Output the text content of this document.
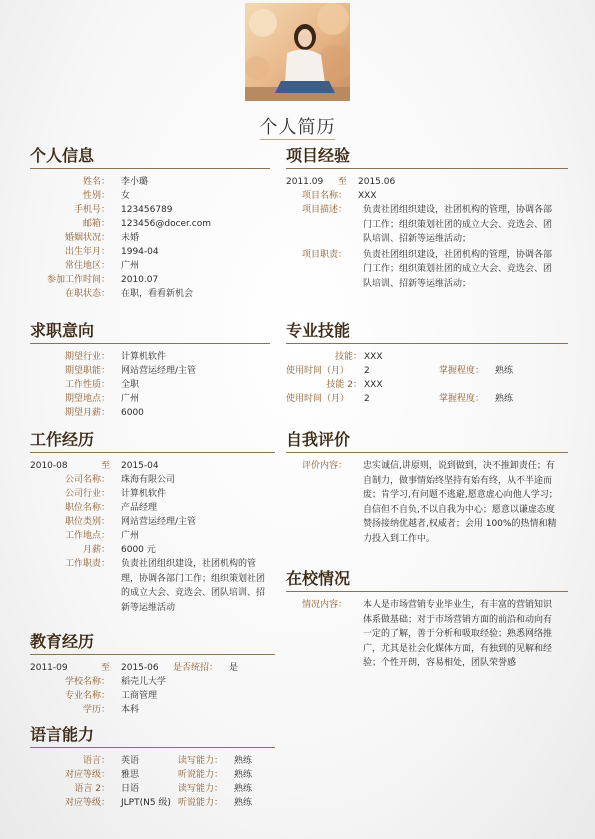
个人简历
个人信息
姓名：	李小璐
性别：	女
手机号：	123456789
邮箱：	123456@docer.com
婚姻状况：	未婚
出生年月：	1994-04
常住地区：	广州
参加工作时间：	2010.07
在职状态：	在职，看看新机会
求职意向
期望行业：	计算机软件
期望职能：	网站营运经理/主管
工作性质：	全职
期望地点：	广州
期望月薪：	6000
工作经历
2010-08	至	2015-04
公司名称：	珠海有限公司
公司行业：	计算机软件
职位名称：	产品经理
职位类别：	网站营运经理/主管
工作地点：	广州
月薪：	6000 元
工作职责：	负责社团组织建设，社团机构的管理，协调各部门工作；组织策划社团的成立大会、竞选会、团队培训、招新等运维活动
教育经历
2011-09	至	2015-06	是否统招：	是
学校名称：	稻壳儿大学
专业名称：	工商管理
学历：	本科
语言能力
语言：	英语	读写能力：	熟练
对应等级：	雅思	听说能力：	熟练
语言 2：	日语	读写能力：	熟练
对应等级：	JLPT(N5 级) 听说能力：	熟练
项目经验
2011.09	至	2015.06
项目名称：	XXX
项目描述：	负责社团组织建设，社团机构的管理，协调各部门工作；组织策划社团的成立大会、竞选会、团队培训、招新等运维活动；
项目职责：	负责社团组织建设，社团机构的管理，协调各部门工作；组织策划社团的成立大会、竞选会、团队培训、招新等运维活动；
专业技能
技能： XXX
使用时间（月）	2	掌握程度：	熟练
技能 2： XXX
使用时间（月）	2	掌握程度：	熟练
自我评价
评价内容：	忠实诚信,讲原则，说到做到，决不推卸责任；有自制力，做事情始终坚持有始有终，从不半途而废；肯学习,有问题不逃避,愿意虚心向他人学习；自信但不自负,不以自我为中心；愿意以谦虚态度赞扬接纳优越者,权威者；会用 100%的热情和精力投入到工作中。
在校情况
情况内容：	本人是市场营销专业毕业生，有丰富的营销知识体系做基础；对于市场营销方面的前沿和动向有一定的了解，善于分析和吸取经验；熟悉网络推广，尤其是社会化媒体方面，有独到的见解和经验；个性开朗，容易相处，团队荣誉感
